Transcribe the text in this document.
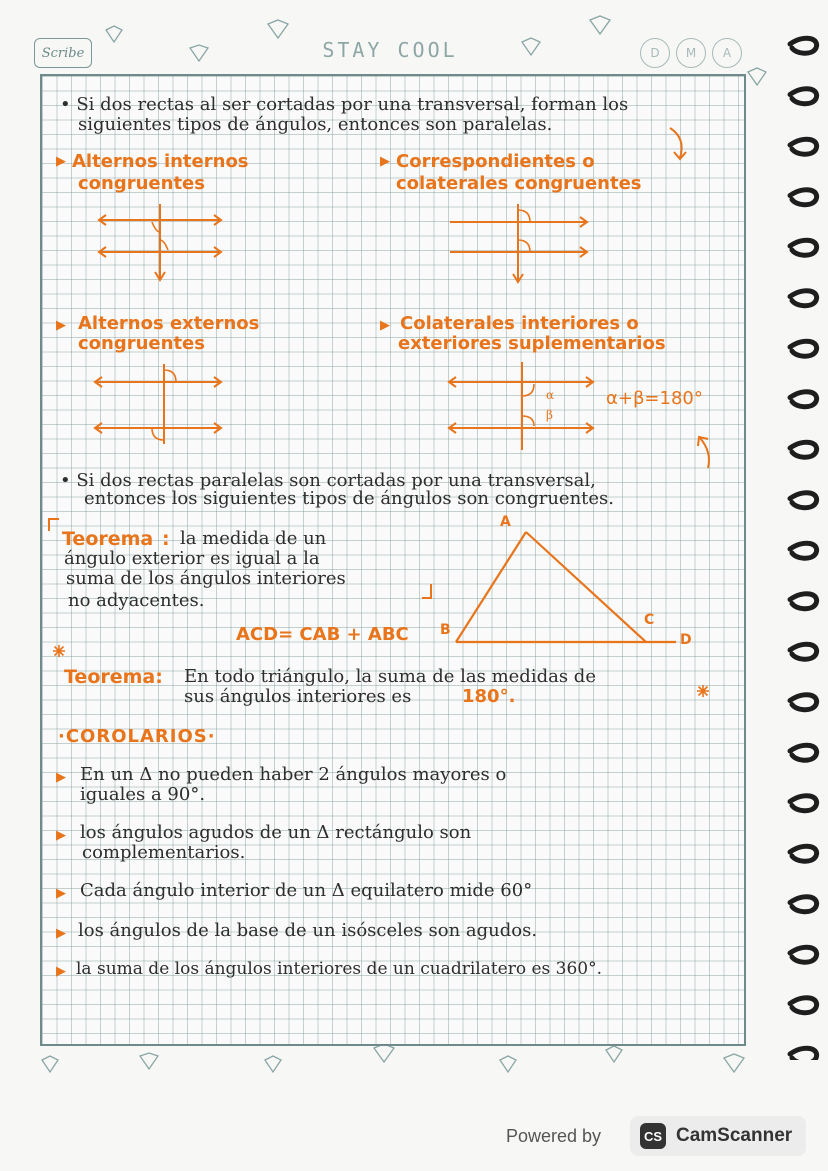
Scribe	STAY COOL	D	M	A
• Si dos rectas al ser cortadas por una transversal, forman los
siguientes tipos de ángulos, entonces son paralelas.
▶ Alternos internos
congruentes
▶ Correspondientes o
colaterales congruentes
▶ Alternos externos
congruentes
▶ Colaterales interiores o
exteriores suplementarios
α
β
α+β=180°
• Si dos rectas paralelas son cortadas por una transversal,
entonces los siguientes tipos de ángulos son congruentes.
Teorema : la medida de un
ángulo exterior es igual a la
suma de los ángulos interiores
no adyacentes.
ACD= CAB + ABC
A
B
C
D
Teorema: En todo triángulo, la suma de las medidas de
sus ángulos interiores es	180°.
·COROLARIOS·
▶ En un Δ no pueden haber 2 ángulos mayores o
iguales a 90°.
▶ los ángulos agudos de un Δ rectángulo son
complementarios.
▶ Cada ángulo interior de un Δ equilatero mide 60°
▶ los ángulos de la base de un isósceles son agudos.
▶ la suma de los ángulos interiores de un cuadrilatero es 360°.
Powered by	CS CamScanner
